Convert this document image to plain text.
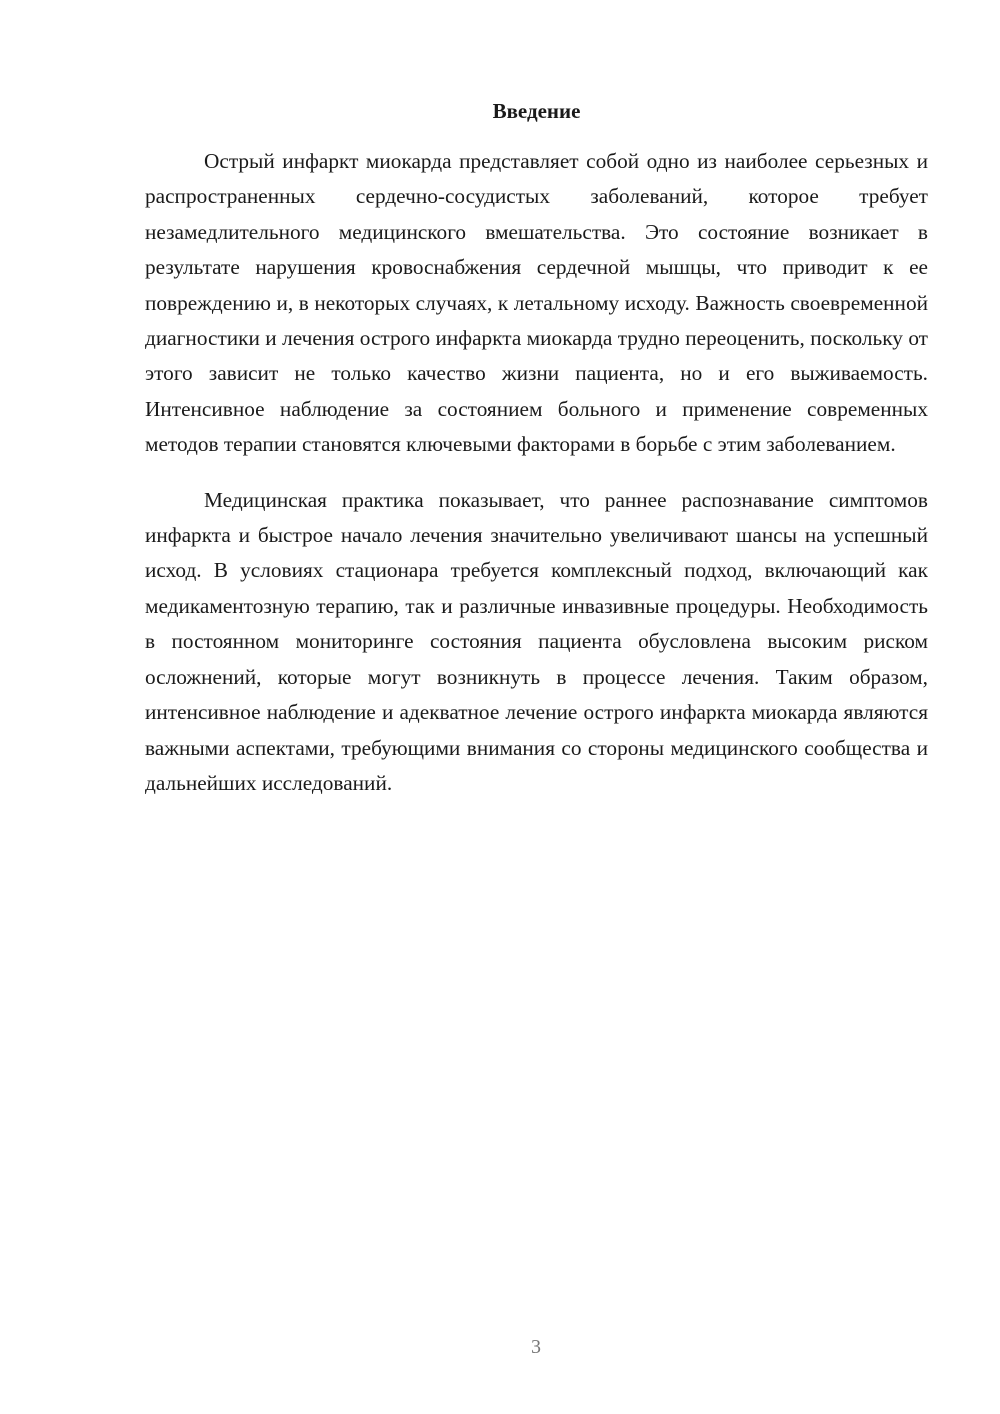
Введение

Острый инфаркт миокарда представляет собой одно из наиболее серьезных и распространенных сердечно-сосудистых заболеваний, которое требует незамедлительного медицинского вмешательства. Это состояние возникает в результате нарушения кровоснабжения сердечной мышцы, что приводит к ее повреждению и, в некоторых случаях, к летальному исходу. Важность своевременной диагностики и лечения острого инфаркта миокарда трудно переоценить, поскольку от этого зависит не только качество жизни пациента, но и его выживаемость. Интенсивное наблюдение за состоянием больного и применение современных методов терапии становятся ключевыми факторами в борьбе с этим заболеванием.

Медицинская практика показывает, что раннее распознавание симптомов инфаркта и быстрое начало лечения значительно увеличивают шансы на успешный исход. В условиях стационара требуется комплексный подход, включающий как медикаментозную терапию, так и различные инвазивные процедуры. Необходимость в постоянном мониторинге состояния пациента обусловлена высоким риском осложнений, которые могут возникнуть в процессе лечения. Таким образом, интенсивное наблюдение и адекватное лечение острого инфаркта миокарда являются важными аспектами, требующими внимания со стороны медицинского сообщества и дальнейших исследований.

3
